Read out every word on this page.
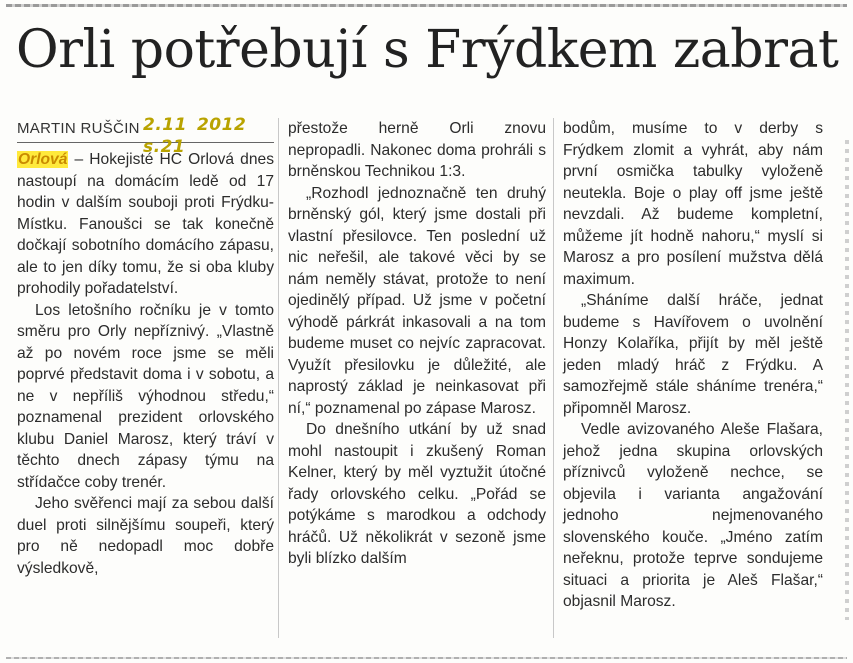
Orli potřebují s Frýdkem zabrat
MARTIN RUŠČIN 2.11 2012s.21

Orlová – Hokejisté HC Orlová dnes nastoupí na domácím ledě od 17 hodin v dalším souboji proti Frýdku-Místku. Fanoušci se tak konečně dočkají sobotního domácího zápasu, ale to jen díky tomu, že si oba kluby prohodily pořadatelství.

Los letošního ročníku je v tomto směru pro Orly nepříznivý. „Vlastně až po novém roce jsme se měli poprvé představit doma i v sobotu, a ne v nepříliš výhodnou středu,“ poznamenal prezident orlovského klubu Daniel Marosz, který tráví v těchto dnech zápasy týmu na střídačce coby trenér.

Jeho svěřenci mají za sebou další duel proti silnějšímu soupeři, který pro ně nedopadl moc dobře výsledkově,

přestože herně Orli znovu nepropadli. Nakonec doma prohráli s brněnskou Technikou 1:3.

„Rozhodl jednoznačně ten druhý brněnský gól, který jsme dostali při vlastní přesilovce. Ten poslední už nic neřešil, ale takové věci by se nám neměly stávat, protože to není ojedinělý případ. Už jsme v početní výhodě párkrát inkasovali a na tom budeme muset co nejvíc zapracovat. Využít přesilovku je důležité, ale naprostý základ je neinkasovat při ní,“ poznamenal po zápase Marosz.

Do dnešního utkání by už snad mohl nastoupit i zkušený Roman Kelner, který by měl vyztužit útočné řady orlovského celku. „Pořád se potýkáme s marodkou a odchody hráčů. Už několikrát v sezoně jsme byli blízko dalším

bodům, musíme to v derby s Frýdkem zlomit a vyhrát, aby nám první osmička tabulky vyloženě neutekla. Boje o play off jsme ještě nevzdali. Až budeme kompletní, můžeme jít hodně nahoru,“ myslí si Marosz a pro posílení mužstva dělá maximum.

„Sháníme další hráče, jednat budeme s Havířovem o uvolnění Honzy Kolaříka, přijít by měl ještě jeden mladý hráč z Frýdku. A samozřejmě stále sháníme trenéra,“ připomněl Marosz.

Vedle avizovaného Aleše Flašara, jehož jedna skupina orlovských příznivců vyloženě nechce, se objevila i varianta angažování jednoho nejmenovaného slovenského kouče. „Jméno zatím neřeknu, protože teprve sondujeme situaci a priorita je Aleš Flašar,“ objasnil Marosz.
